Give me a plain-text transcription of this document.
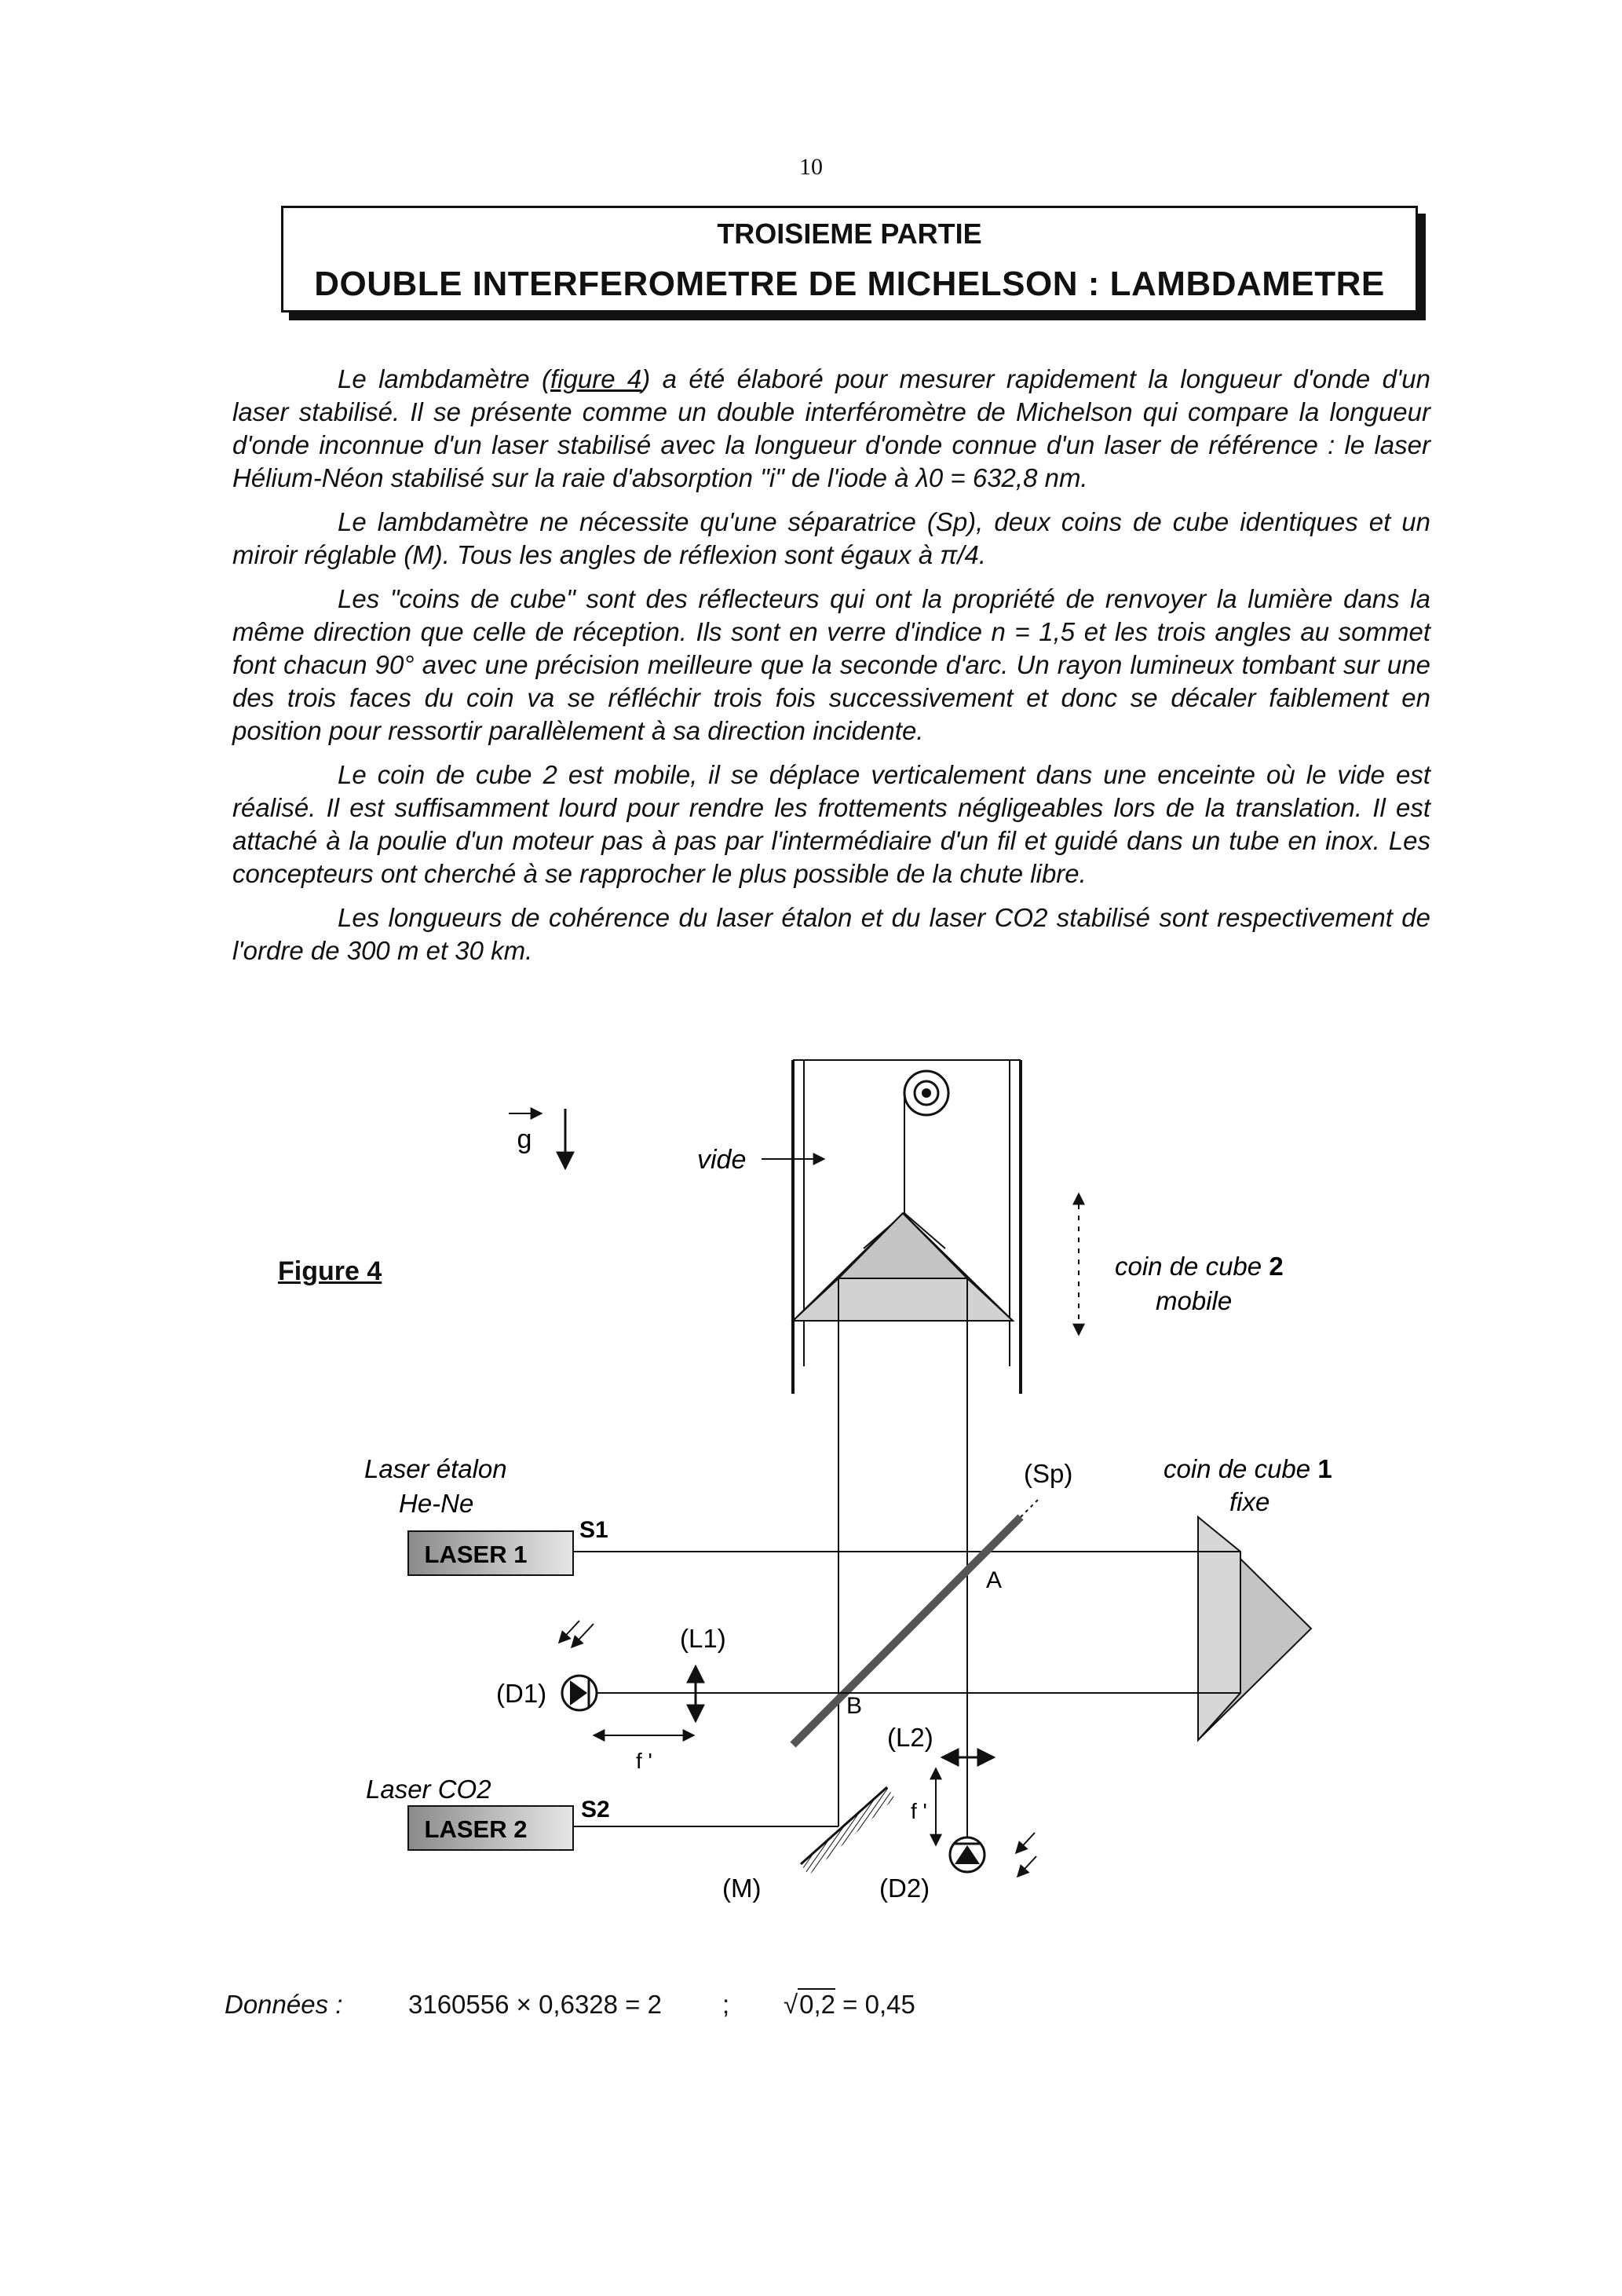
10
TROISIEME PARTIE
DOUBLE INTERFEROMETRE DE MICHELSON : LAMBDAMETRE

Le lambdamètre (figure 4) a été élaboré pour mesurer rapidement la longueur d'onde d'un laser stabilisé. Il se présente comme un double interféromètre de Michelson qui compare la longueur d'onde inconnue d'un laser stabilisé avec la longueur d'onde connue d'un laser de référence : le laser Hélium-Néon stabilisé sur la raie d'absorption "i" de l'iode à λ0 = 632,8 nm.

Le lambdamètre ne nécessite qu'une séparatrice (Sp), deux coins de cube identiques et un miroir réglable (M). Tous les angles de réflexion sont égaux à π/4.

Les "coins de cube" sont des réflecteurs qui ont la propriété de renvoyer la lumière dans la même direction que celle de réception. Ils sont en verre d'indice n = 1,5 et les trois angles au sommet font chacun 90° avec une précision meilleure que la seconde d'arc. Un rayon lumineux tombant sur une des trois faces du coin va se réfléchir trois fois successivement et donc se décaler faiblement en position pour ressortir parallèlement à sa direction incidente.

Le coin de cube 2 est mobile, il se déplace verticalement dans une enceinte où le vide est réalisé. Il est suffisamment lourd pour rendre les frottements négligeables lors de la translation. Il est attaché à la poulie d'un moteur pas à pas par l'intermédiaire d'un fil et guidé dans un tube en inox. Les concepteurs ont cherché à se rapprocher le plus possible de la chute libre.

Les longueurs de cohérence du laser étalon et du laser CO2 stabilisé sont respectivement de l'ordre de 300 m et 30 km.

Figure 4
g
vide
coin de cube 2
mobile
Laser étalon
He-Ne
LASER 1
S1
(Sp)
A
B
coin de cube 1
fixe
(D1)
(L1)
f '
Laser CO2
LASER 2
S2
(M)
(L2)
f '
(D2)
Données :	3160556 × 0,6328 = 2 ; √0,2 = 0,45
